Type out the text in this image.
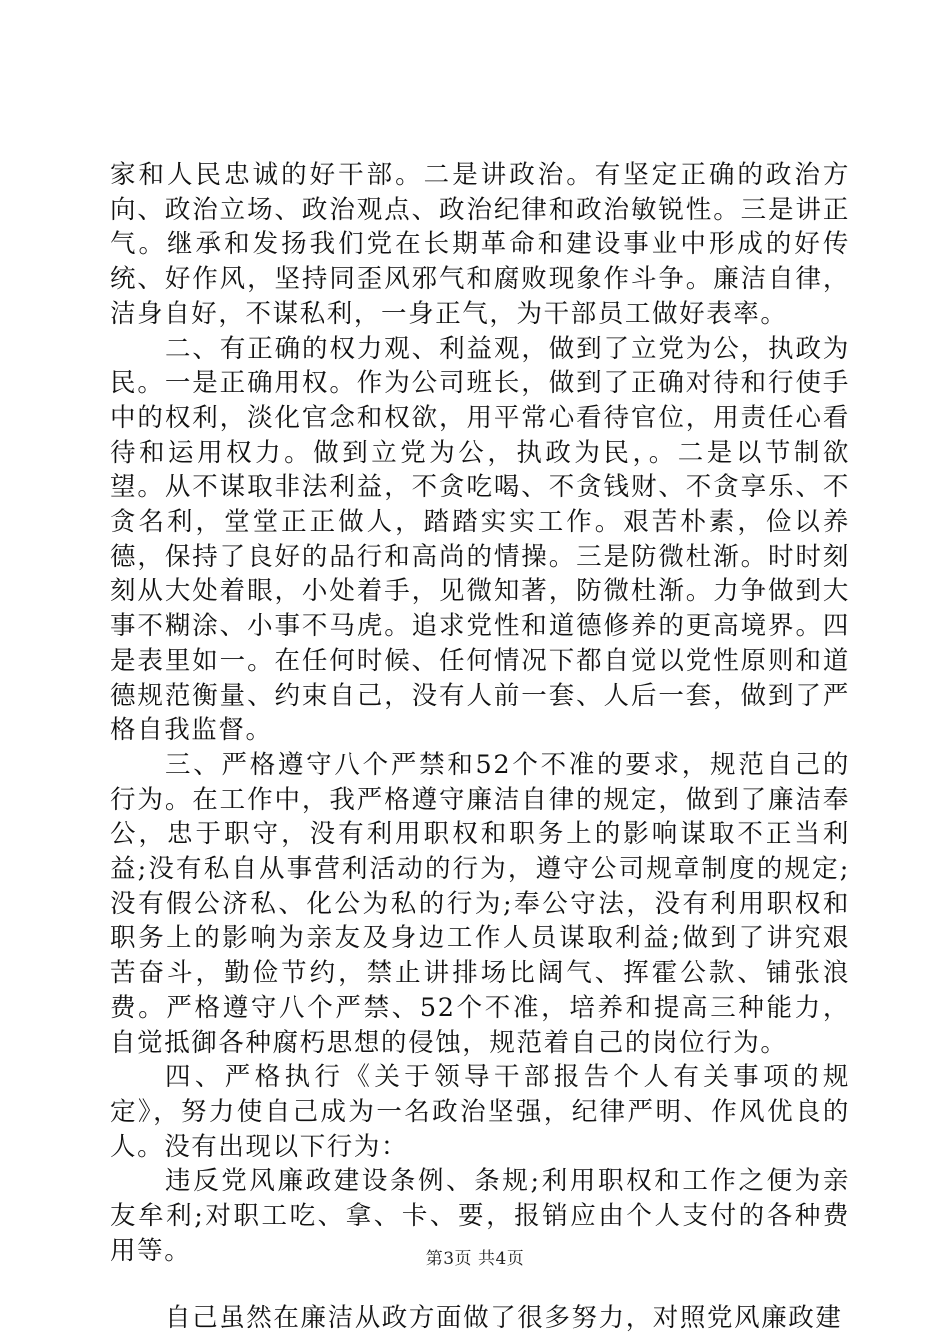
家和人民忠诚的好干部。二是讲政治。有坚定正确的政治方向、政治立场、政治观点、政治纪律和政治敏锐性。三是讲正气。继承和发扬我们党在长期革命和建设事业中形成的好传统、好作风，坚持同歪风邪气和腐败现象作斗争。廉洁自律，洁身自好，不谋私利，一身正气，为干部员工做好表率。

二、有正确的权力观、利益观，做到了立党为公，执政为民。一是正确用权。作为公司班长，做到了正确对待和行使手中的权利，淡化官念和权欲，用平常心看待官位，用责任心看待和运用权力。做到立党为公，执政为民，。二是以节制欲望。从不谋取非法利益，不贪吃喝、不贪钱财、不贪享乐、不贪名利，堂堂正正做人，踏踏实实工作。艰苦朴素，俭以养德，保持了良好的品行和高尚的情操。三是防微杜渐。时时刻刻从大处着眼，小处着手，见微知著，防微杜渐。力争做到大事不糊涂、小事不马虎。追求党性和道德修养的更高境界。四是表里如一。在任何时候、任何情况下都自觉以党性原则和道德规范衡量、约束自己，没有人前一套、人后一套，做到了严格自我监督。

三、严格遵守八个严禁和52个不准的要求，规范自己的行为。在工作中，我严格遵守廉洁自律的规定，做到了廉洁奉公，忠于职守，没有利用职权和职务上的影响谋取不正当利益;没有私自从事营利活动的行为，遵守公司规章制度的规定;没有假公济私、化公为私的行为;奉公守法，没有利用职权和职务上的影响为亲友及身边工作人员谋取利益;做到了讲究艰苦奋斗，勤俭节约，禁止讲排场比阔气、挥霍公款、铺张浪费。严格遵守八个严禁、52个不准，培养和提高三种能力，自觉抵御各种腐朽思想的侵蚀，规范着自己的岗位行为。

四、严格执行《关于领导干部报告个人有关事项的规定》，努力使自己成为一名政治坚强，纪律严明、作风优良的人。没有出现以下行为：

违反党风廉政建设条例、条规;利用职权和工作之便为亲友牟利;对职工吃、拿、卡、要，报销应由个人支付的各种费用等。

自己虽然在廉洁从政方面做了很多努力，对照党风廉政建

第3页 共4页
